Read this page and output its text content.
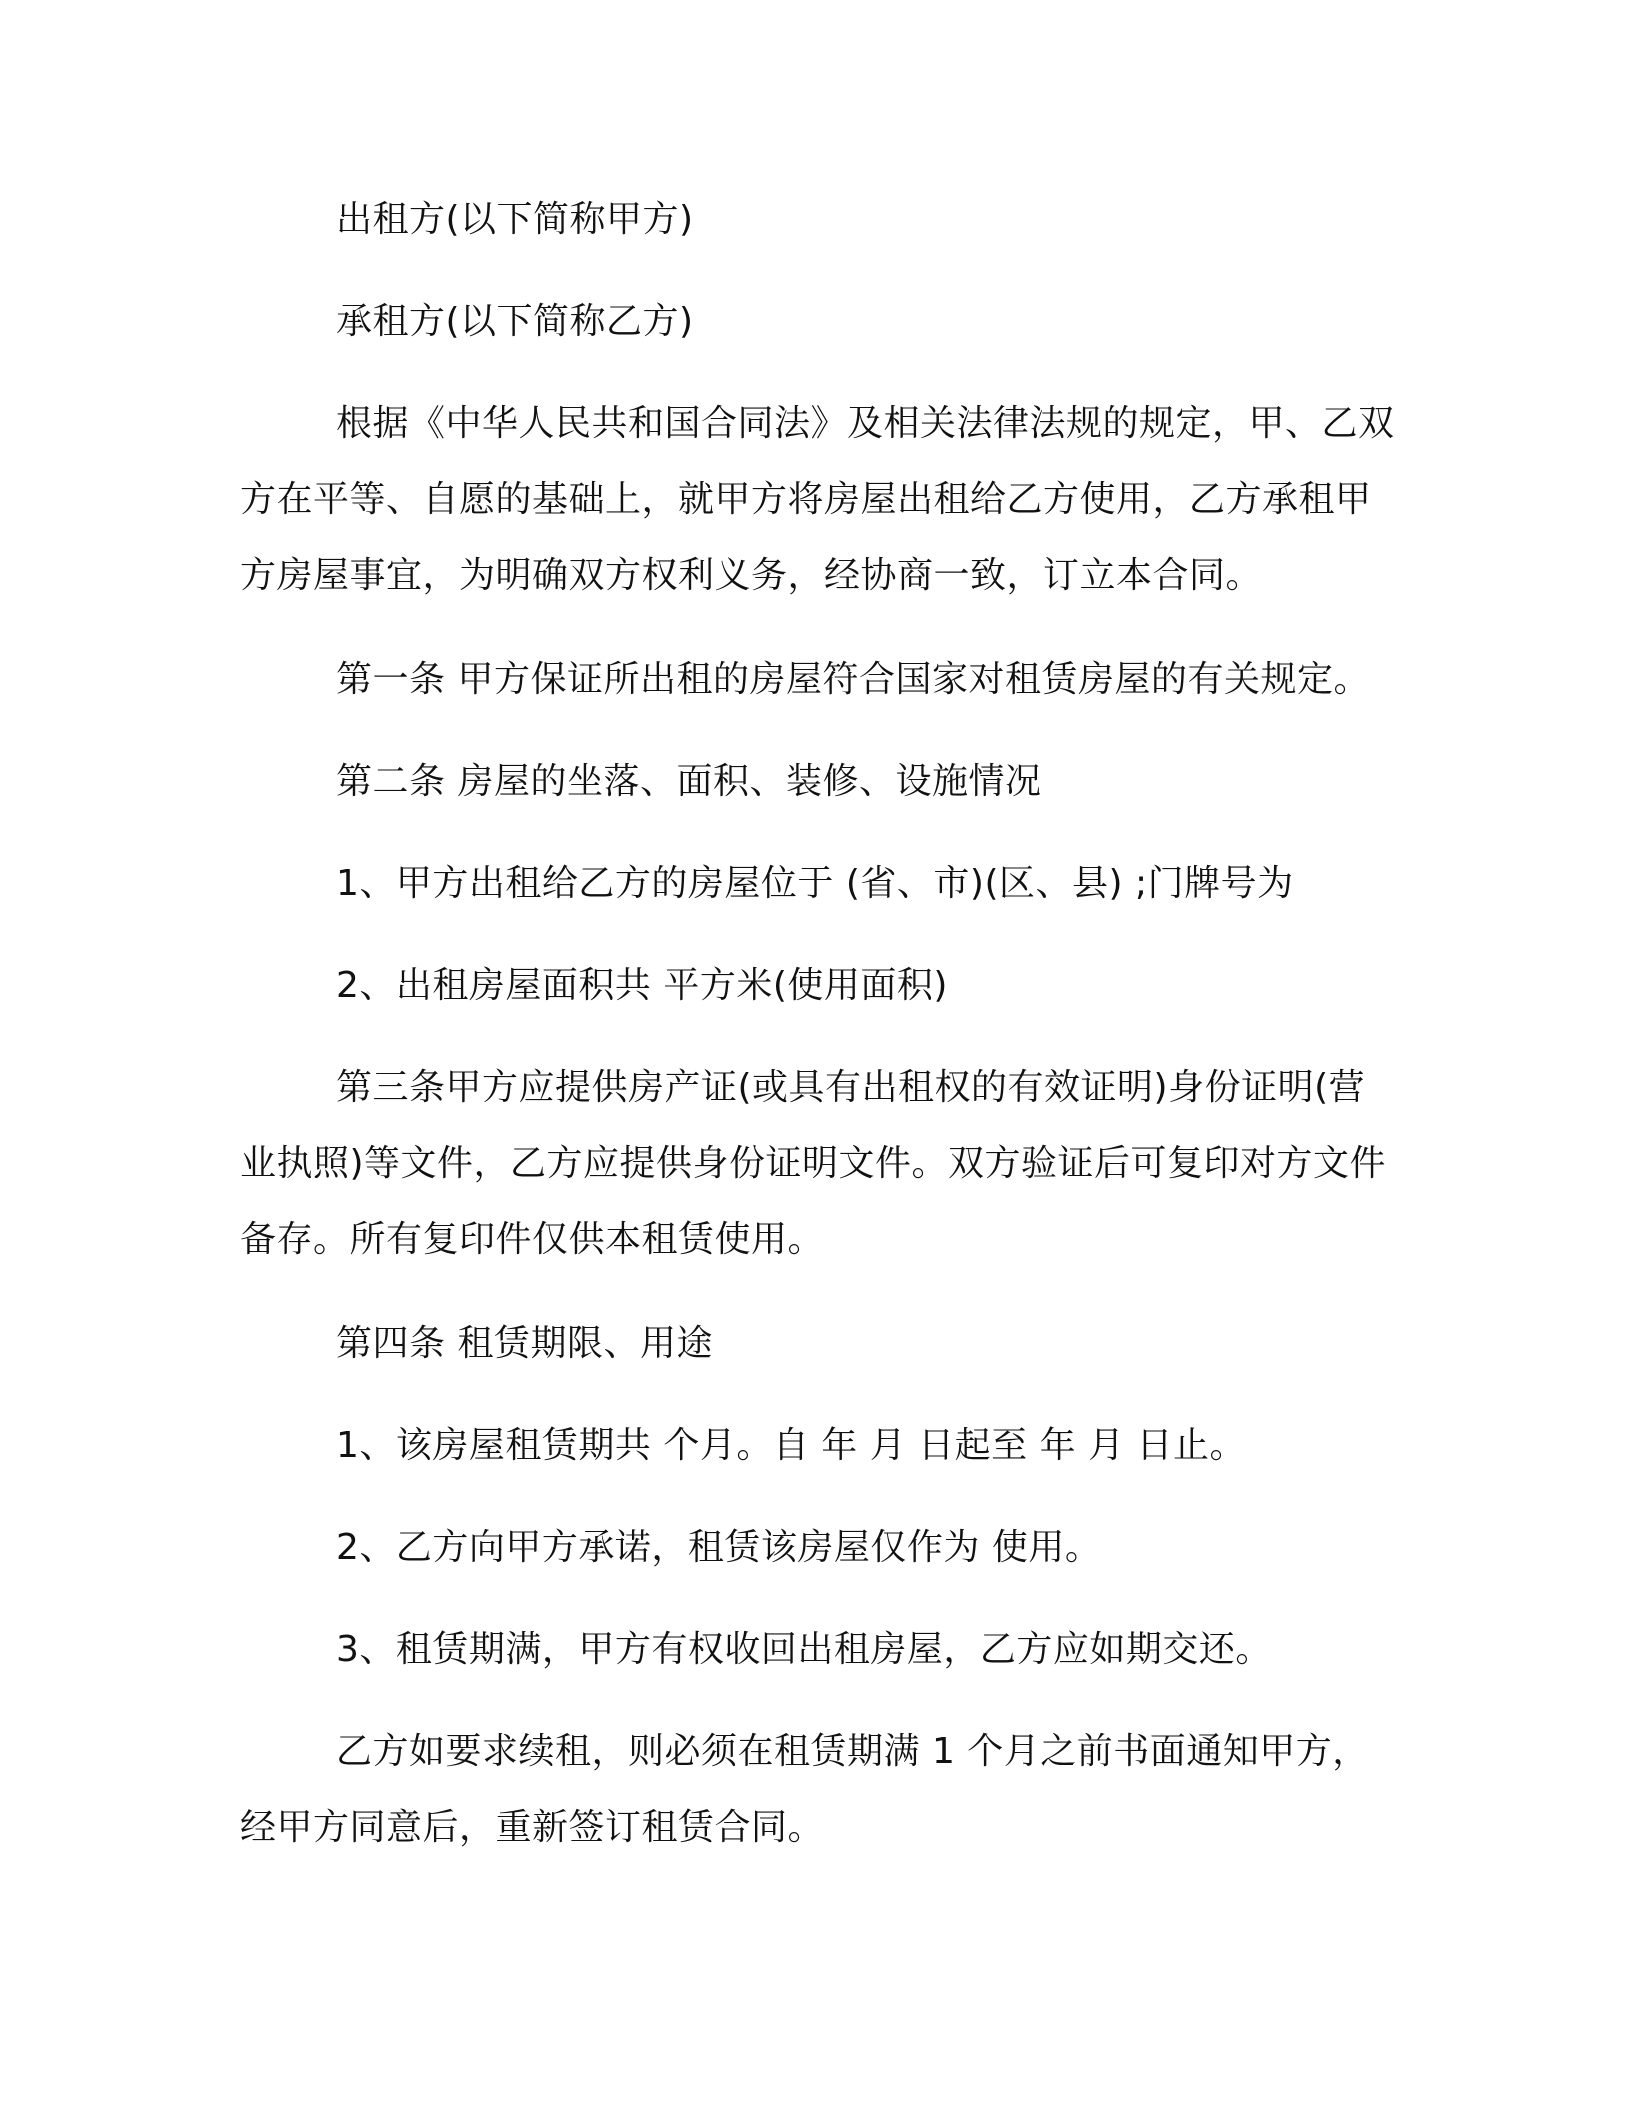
出租方(以下简称甲方)

承租方(以下简称乙方)

根据《中华人民共和国合同法》及相关法律法规的规定，甲、乙双方在平等、自愿的基础上，就甲方将房屋出租给乙方使用，乙方承租甲方房屋事宜，为明确双方权利义务，经协商一致，订立本合同。

第一条 甲方保证所出租的房屋符合国家对租赁房屋的有关规定。

第二条 房屋的坐落、面积、装修、设施情况

1、甲方出租给乙方的房屋位于 (省、市)(区、县) ;门牌号为

2、出租房屋面积共 平方米(使用面积)

第三条甲方应提供房产证(或具有出租权的有效证明)身份证明(营业执照)等文件，乙方应提供身份证明文件。双方验证后可复印对方文件备存。所有复印件仅供本租赁使用。

第四条 租赁期限、用途

1、该房屋租赁期共 个月。自 年 月 日起至 年 月 日止。

2、乙方向甲方承诺，租赁该房屋仅作为 使用。

3、租赁期满，甲方有权收回出租房屋，乙方应如期交还。

乙方如要求续租，则必须在租赁期满 1 个月之前书面通知甲方，经甲方同意后，重新签订租赁合同。
